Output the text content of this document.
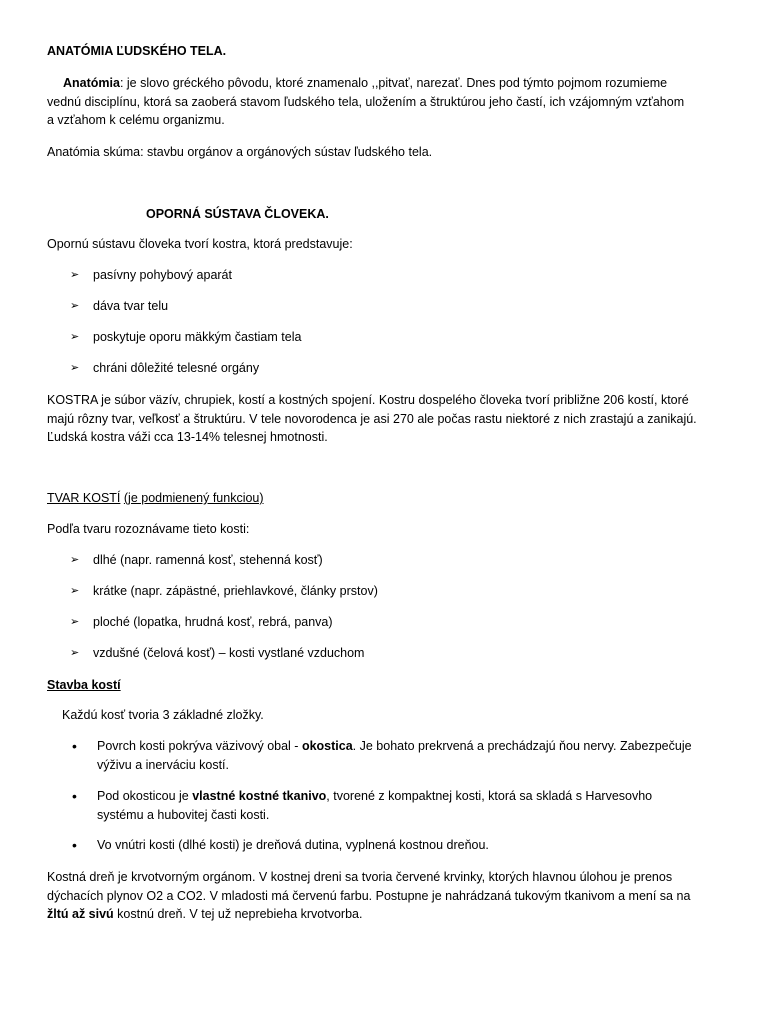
ANATÓMIA ĽUDSKÉHO TELA.

Anatómia: je slovo gréckého pôvodu, ktoré znamenalo ,,pitvať, narezať. Dnes pod týmto pojmom rozumieme
vednú disciplínu, ktorá sa zaoberá stavom ľudského tela, uložením a štruktúrou jeho častí, ich vzájomným vzťahom
a vzťahom k celému organizmu.

Anatómia skúma: stavbu orgánov a orgánových sústav ľudského tela.

OPORNÁ SÚSTAVA ČLOVEKA.

Opornú sústavu človeka tvorí kostra, ktorá predstavuje:

➢ pasívny pohybový aparát
➢ dáva tvar telu
➢ poskytuje oporu mäkkým častiam tela
➢ chráni dôležité telesné orgány

KOSTRA je súbor väzív, chrupiek, kostí a kostných spojení. Kostru dospelého človeka tvorí približne 206 kostí, ktoré
majú rôzny tvar, veľkosť a štruktúru. V tele novorodenca je asi 270 ale počas rastu niektoré z nich zrastajú a zanikajú.
Ľudská kostra váži cca 13-14% telesnej hmotnosti.

TVAR KOSTÍ (je podmienený funkciou)

Podľa tvaru rozoznávame tieto kosti:

➢ dlhé (napr. ramenná kosť, stehenná kosť)
➢ krátke (napr. zápästné, priehlavkové, články prstov)
➢ ploché (lopatka, hrudná kosť, rebrá, panva)
➢ vzdušné (čelová kosť) – kosti vystlané vzduchom

Stavba kostí

Každú kosť tvoria 3 základné zložky.

• Povrch kosti pokrýva väzivový obal - okostica. Je bohato prekrvená a prechádzajú ňou nervy. Zabezpečuje
výživu a inerváciu kostí.
• Pod okosticou je vlastné kostné tkanivo, tvorené z kompaktnej kosti, ktorá sa skladá s Harvesovho
systému a hubovitej časti kosti.
• Vo vnútri kosti (dlhé kosti) je dreňová dutina, vyplnená kostnou dreňou.

Kostná dreň je krvotvorným orgánom. V kostnej dreni sa tvoria červené krvinky, ktorých hlavnou úlohou je prenos
dýchacích plynov O2 a CO2. V mladosti má červenú farbu. Postupne je nahrádzaná tukovým tkanivom a mení sa na
žltú až sivú kostnú dreň. V tej už neprebieha krvotvorba.
